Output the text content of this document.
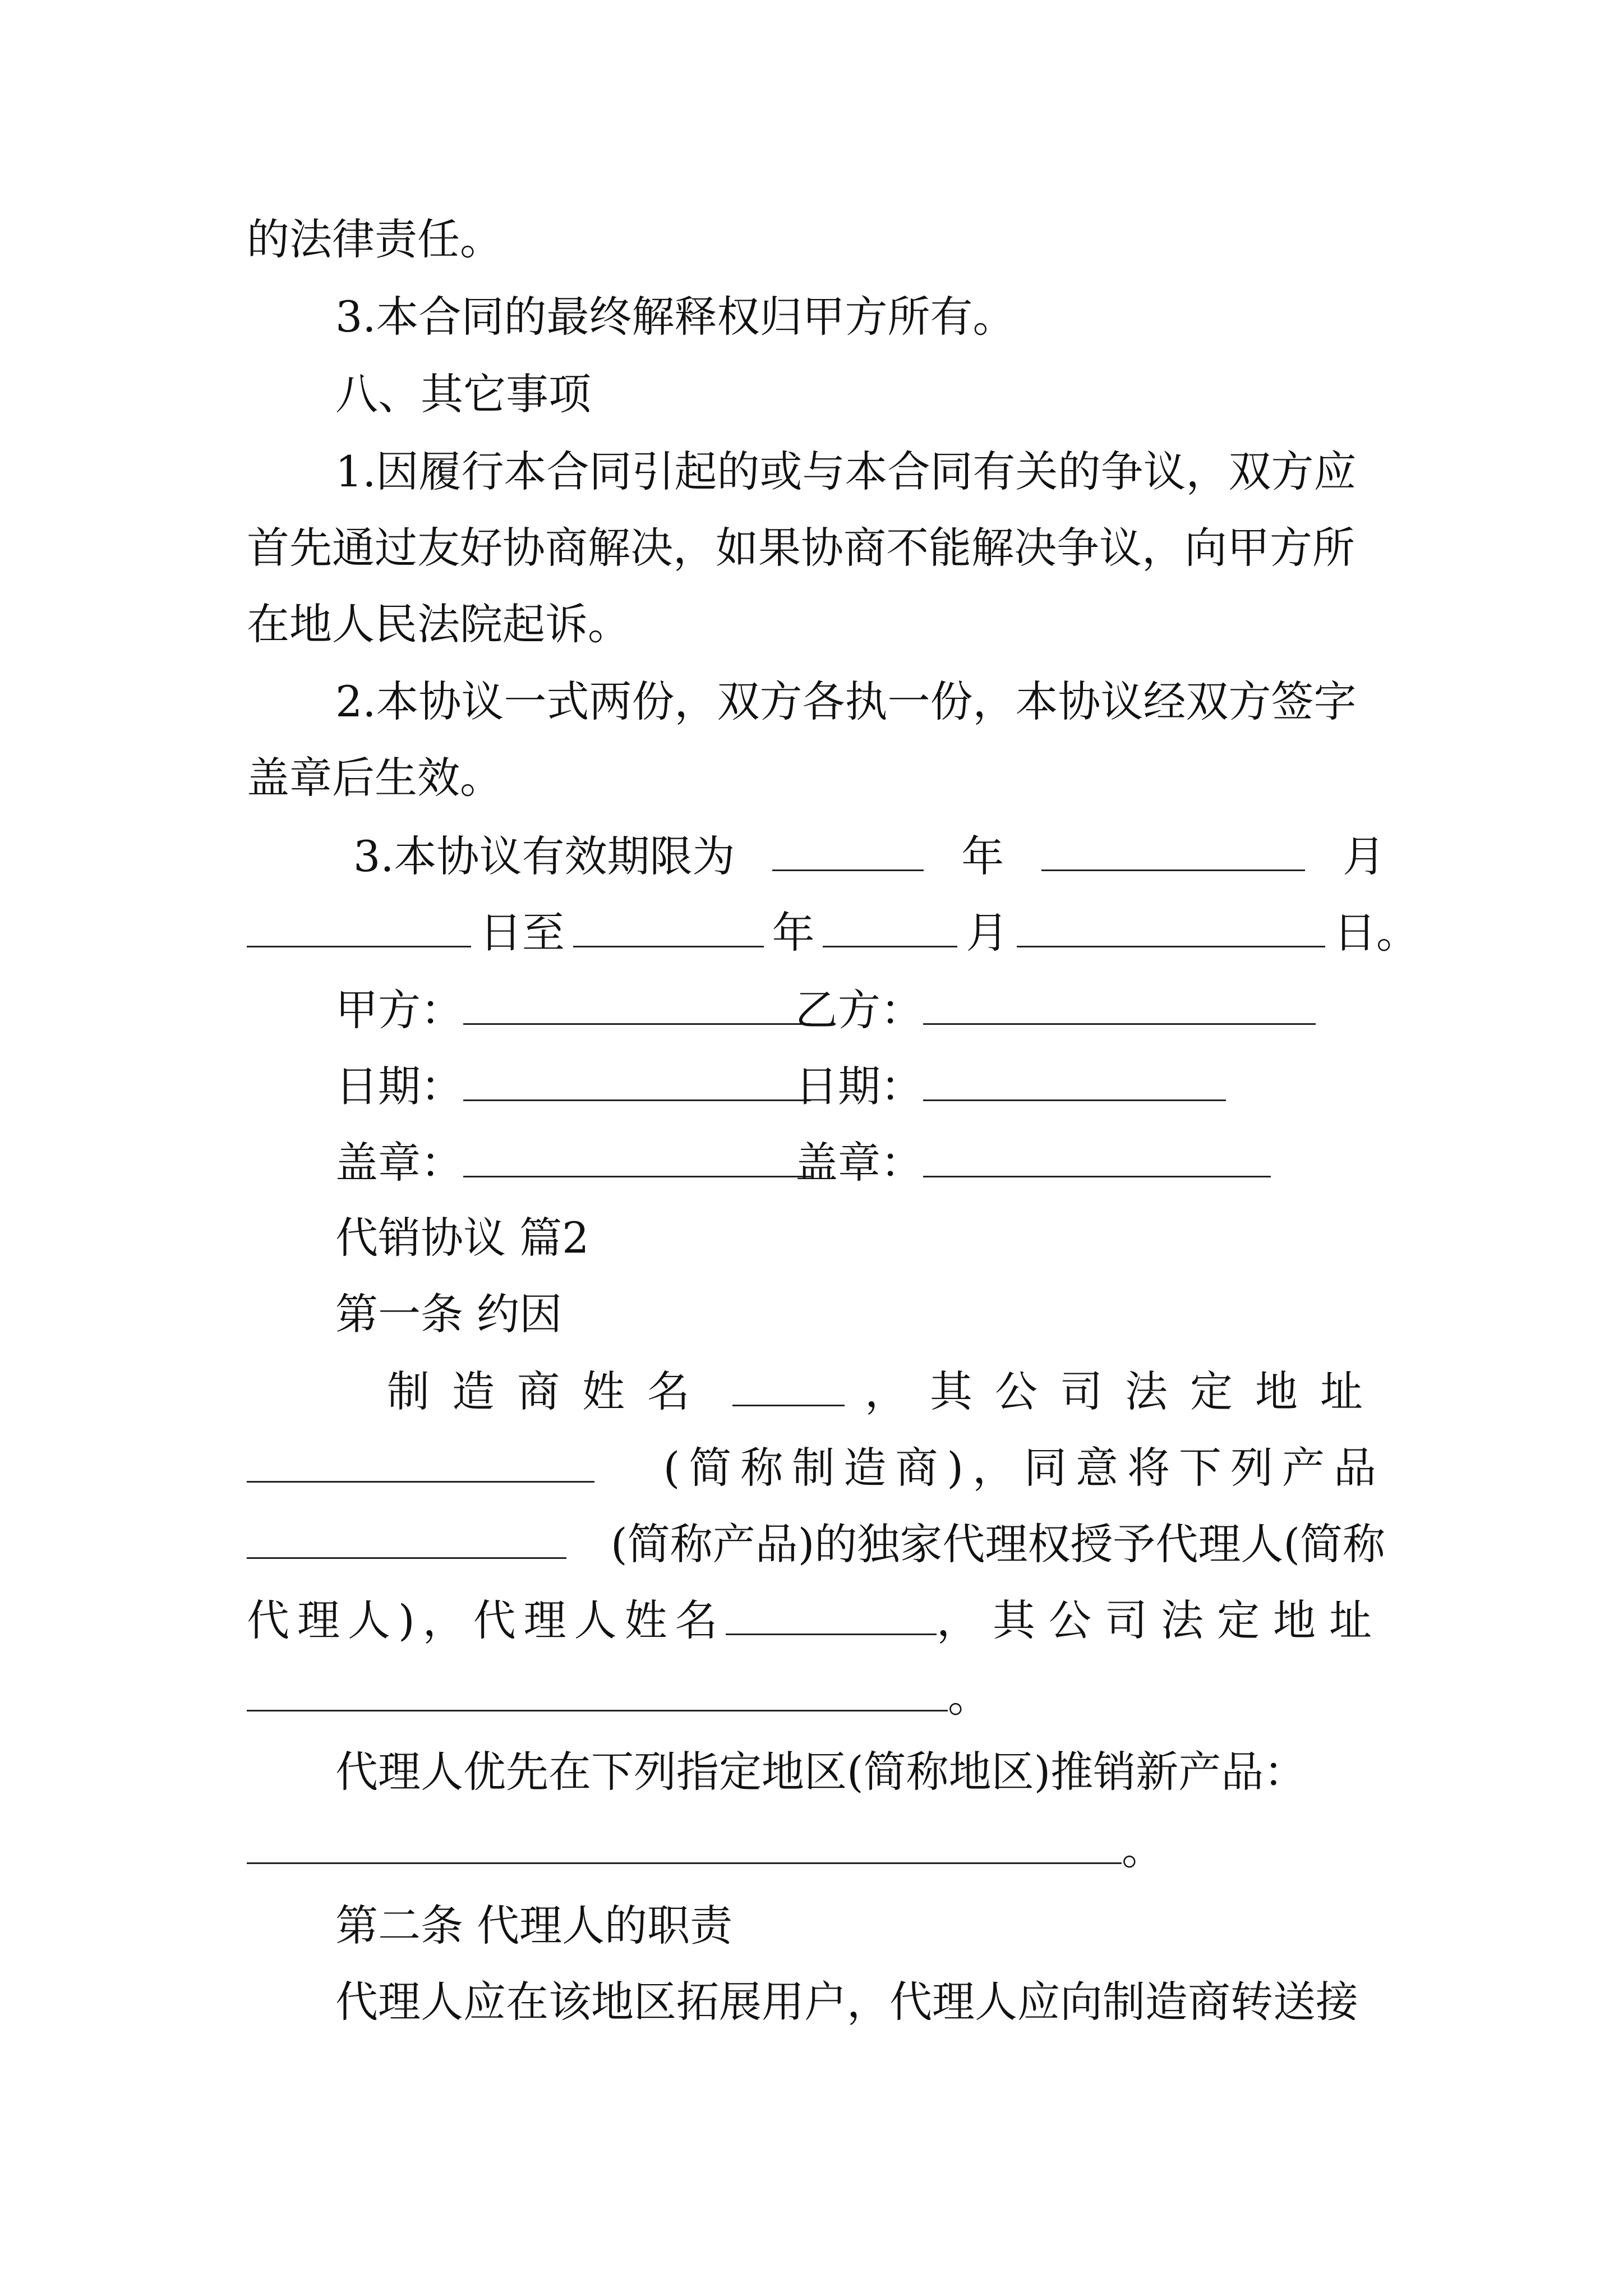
的法律责任。
3.本合同的最终解释权归甲方所有。
八、其它事项
1.因履行本合同引起的或与本合同有关的争议，双方应
首先通过友好协商解决，如果协商不能解决争议，向甲方所
在地人民法院起诉。
2.本协议一式两份，双方各执一份，本协议经双方签字
盖章后生效。
3.本协议有效期限为	年	月
日至	年	月	日。
甲方：	乙方：
日期：	日期：
盖章：	盖章：
代销协议 篇2
第一条 约因
制造商姓名	，其公司法定地址
(简称制造商)，同意将下列产品
(简称产品)的独家代理权授予代理人(简称
代理人)，代理人姓名	，其公司法定地址
。
代理人优先在下列指定地区(简称地区)推销新产品：
。
第二条 代理人的职责
代理人应在该地区拓展用户，代理人应向制造商转送接
